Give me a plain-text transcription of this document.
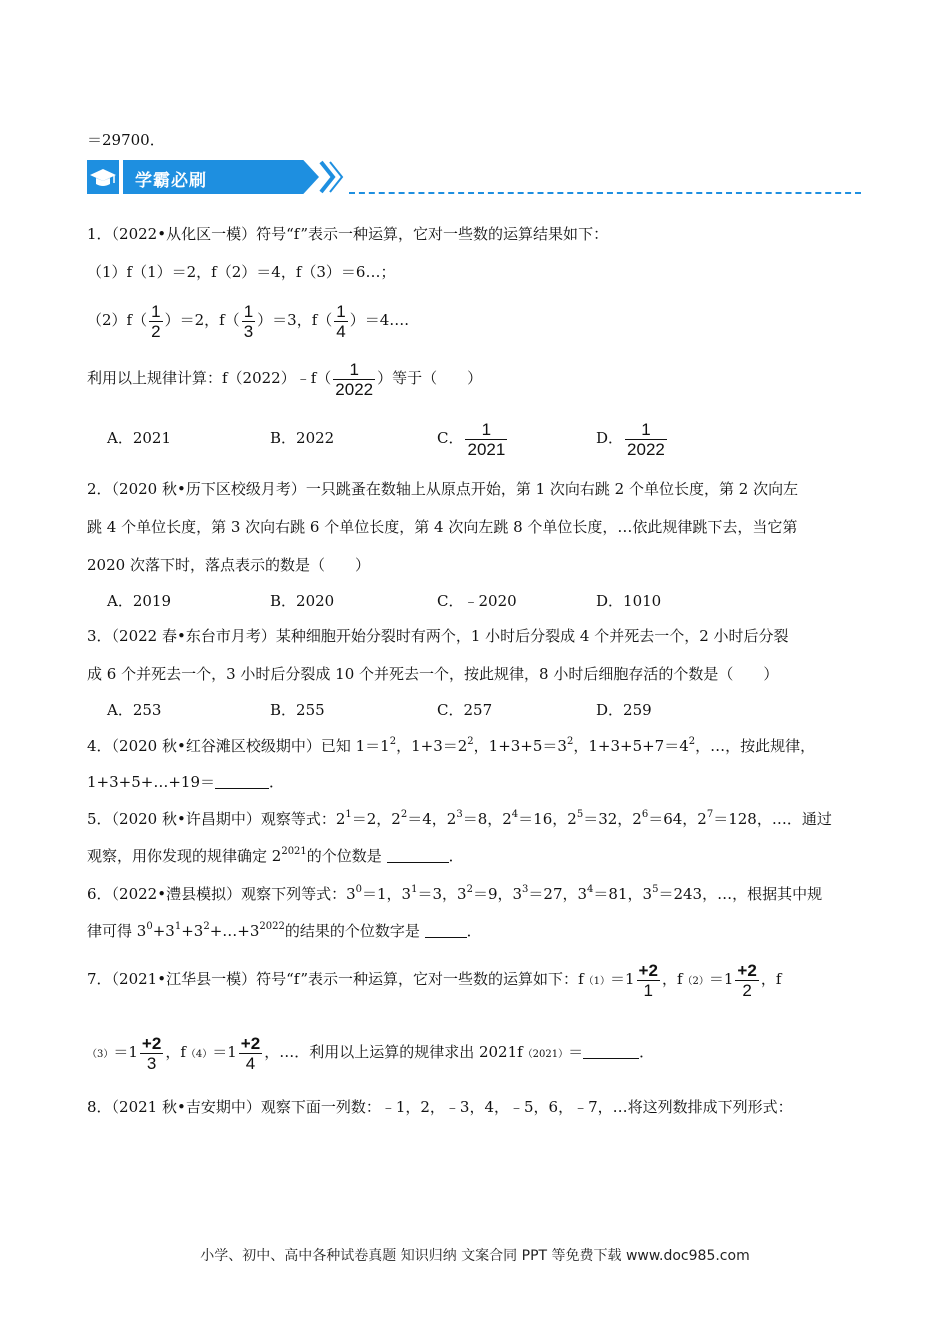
＝29700．
学霸必刷
1．（2022•从化区一模）符号“f”表示一种运算，它对一些数的运算结果如下：
（1）f（1）＝2，f（2）＝4，f（3）＝6…；
$(2)f( \frac{1}{2} )=2$，$f( \frac{1}{3} )=3$，$f( \frac{1}{4}$ ）＝4….
利用以上规律计算：f（2022）﹣f（ $\frac{1}{2022}$ ）等于（　　）
A．2021	B．2022	C． $\frac{1}{2021}$	D． $\frac{1}{2022}$
2．（2020 秋•历下区校级月考）一只跳蚤在数轴上从原点开始，第 1 次向右跳 2 个单位长度，第 2 次向左
跳 4 个单位长度，第 3 次向右跳 6 个单位长度，第 4 次向左跳 8 个单位长度，…依此规律跳下去，当它第
2020 次落下时，落点表示的数是（　　）
A．2019	B．2020	C．﹣2020	D．1010
3．（2022 春•东台市月考）某种细胞开始分裂时有两个，1 小时后分裂成 4 个并死去一个，2 小时后分裂
成 6 个并死去一个，3 小时后分裂成 10 个并死去一个，按此规律，8 小时后细胞存活的个数是（　　）
A．253	B．255	C．257	D．259
4．（2020 秋•红谷滩区校级期中）已知 $1=1^2$，$1+3=2^2$，$1+3+5=3^2$，$1+3+5+7=4^2$，…，按此规律，
1+3+5+…+19＝	．
5．（2020 秋•许昌期中）观察等式：$2^1=2$，$2^2=4$，$2^3=8$，$2^4=16$，$2^5=32$，$2^6=64$，$2^7=128$，…．通过
观察，用你发现的规律确定 $2^{2021}$的个位数是	．
6．（2022•澧县模拟）观察下列等式：$3^0=1$，$3^1=3$，$3^2=9$，$3^3=27$，$3^4=81$，$3^5=243$，…，根据其中规
律可得 $3^0+3^1+3^2+\dots+3^{2022}$的结果的个位数字是	．
7．（2021•江华县一模）符号“f”表示一种运算，它对一些数的运算如下：$f(1)=1 \frac{+2}{1}$ ，$f(2)=1 \frac{+2}{2}$ ，f
$(3)=1 \frac{+2}{3}$ ，$f(4)=1 \frac{+2}{4}$ ，…．利用以上运算的规律求出 2021f（2021）＝	．
8．（2021 秋•吉安期中）观察下面一列数：﹣1，2，﹣3，4，﹣5，6，﹣7，…将这列数排成下列形式：
小学、初中、高中各种试卷真题 知识归纳 文案合同 PPT 等免费下载 www.doc985.com
